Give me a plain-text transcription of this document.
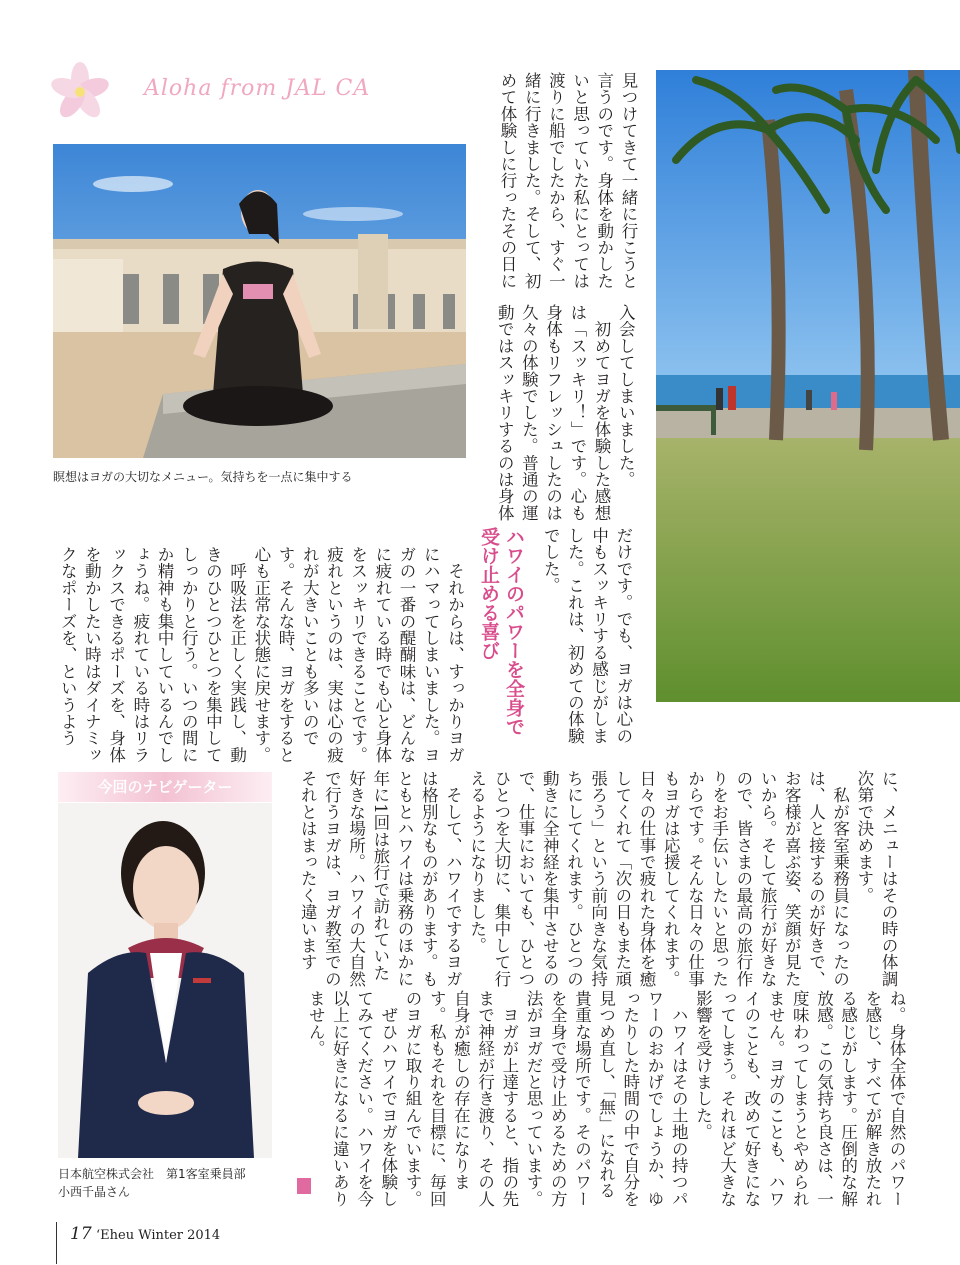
Aloha from JAL CA
瞑想はヨガの大切なメニュー。気持ちを一点に集中する
今回のナビゲーター
日本航空株式会社　第1客室乗員部
小西千晶さん
見つけてきて一緒に行こうと
言うのです。身体を動かした
いと思っていた私にとっては
渡りに船でしたから、すぐ一
緒に行きました。そして、初
めて体験しに行ったその日に
入会してしまいました。
　初めてヨガを体験した感想
は「スッキリ！」です。心も
身体もリフレッシュしたのは
久々の体験でした。普通の運
動ではスッキリするのは身体
だけです。でも、ヨガは心の
中もスッキリする感じがしま
した。これは、初めての体験
でした。
ハワイのパワーを全身で
受け止める喜び
　それからは、すっかりヨガ
にハマってしまいました。ヨ
ガの一番の醍醐味は、どんな
に疲れている時でも心と身体
をスッキリできることです。
疲れというのは、実は心の疲
れが大きいことも多いので
す。そんな時、ヨガをすると
心も正常な状態に戻せます。
　呼吸法を正しく実践し、動
きのひとつひとつを集中して
しっかりと行う。いつの間に
か精神も集中しているんでし
ょうね。疲れている時はリラ
ックスできるポーズを、身体
を動かしたい時はダイナミッ
クなポーズを、というよう
に、メニューはその時の体調
次第で決めます。
　私が客室乗務員になったの
は、人と接するのが好きで、
お客様が喜ぶ姿、笑顔が見た
いから。そして旅行が好きな
ので、皆さまの最高の旅行作
りをお手伝いしたいと思った
からです。そんな日々の仕事
もヨガは応援してくれます。
日々の仕事で疲れた身体を癒
してくれて「次の日もまた頑
張ろう」という前向きな気持
ちにしてくれます。ひとつの
動きに全神経を集中させるの
で、仕事においても、ひとつ
ひとつを大切に、集中して行
えるようになりました。
　そして、ハワイでするヨガ
は格別なものがあります。も
ともとハワイは乗務のほかに
年に1回は旅行で訪れていた
好きな場所。ハワイの大自然
で行うヨガは、ヨガ教室での
それとはまったく違います
ね。身体全体で自然のパワー
を感じ、すべてが解き放たれ
る感じがします。圧倒的な解
放感。この気持ち良さは、一
度味わってしまうとやめられ
ません。ヨガのことも、ハワ
イのことも、改めて好きにな
ってしまう。それほど大きな
影響を受けました。
　ハワイはその土地の持つパ
ワーのおかげでしょうか、ゆ
ったりした時間の中で自分を
見つめ直し、「無」になれる
貴重な場所です。そのパワー
を全身で受け止めるための方
法がヨガだと思っています。
　ヨガが上達すると、指の先
まで神経が行き渡り、その人
自身が癒しの存在になりま
す。私もそれを目標に、毎回
のヨガに取り組んでいます。
　ぜひハワイでヨガを体験し
てみてください。ハワイを今
以上に好きになるに違いあり
ません。
17 ‘Eheu Winter 2014
